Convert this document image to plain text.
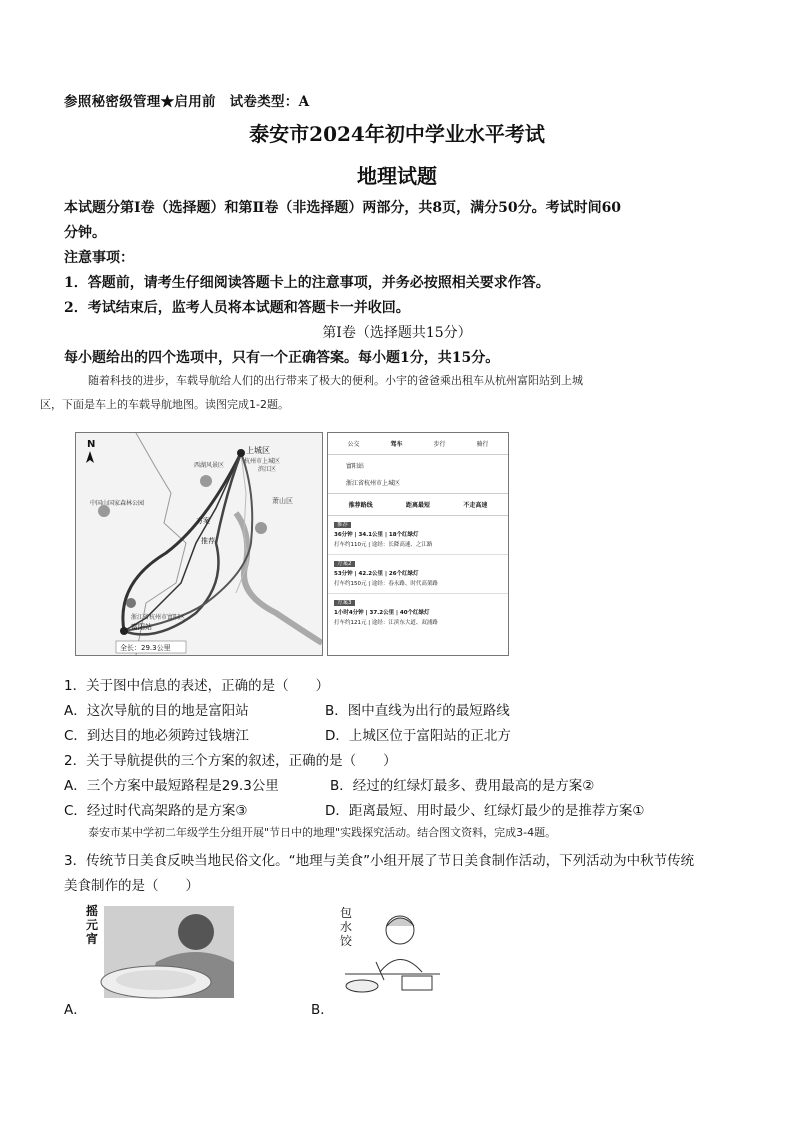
参照秘密级管理★启用前　试卷类型：A
泰安市2024年初中学业水平考试
地理试题
本试题分第Ⅰ卷（选择题）和第Ⅱ卷（非选择题）两部分，共8页，满分50分。考试时间60
分钟。
注意事项：
1．答题前，请考生仔细阅读答题卡上的注意事项，并务必按照相关要求作答。
2．考试结束后，监考人员将本试题和答题卡一并收回。
第Ⅰ卷（选择题共15分）
每小题给出的四个选项中，只有一个正确答案。每小题1分，共15分。
随着科技的进步，车载导航给人们的出行带来了极大的便利。小宇的爸爸乘出租车从杭州富阳站到上城
区，下面是车上的车载导航地图。读图完成1-2题。
N
上城区
西湖风景区
杭州市上城区
滨江区
萧山区
中国山国家森林公园
方案
推荐
富阳站
浙江省杭州市富阳区
全长：29.3公里
公交	驾车	步行	骑行
富阳站
浙江省杭州市上城区
推荐路线	距离最短	不走高速
推荐
36分钟 | 34.1公里 | 18个红绿灯
打车约110元 | 途经：长降高速、之江路
方案2
53分钟 | 42.2公里 | 26个红绿灯
打车约150元 | 途经：春永路、时代高架路
方案3
1小时4分钟 | 37.2公里 | 40个红绿灯
打车约121元 | 途经：江滨东大道、双浦路
1．关于图中信息的表述，正确的是（　　）
A．这次导航的目的地是富阳站	B．图中直线为出行的最短路线
C．到达目的地必须跨过钱塘江	D．上城区位于富阳站的正北方
2．关于导航提供的三个方案的叙述，正确的是（　　）
A．三个方案中最短路程是29.3公里	B．经过的红绿灯最多、费用最高的是方案②
C．经过时代高架路的是方案③	D．距离最短、用时最少、红绿灯最少的是推荐方案①
泰安市某中学初二年级学生分组开展"节日中的地理"实践探究活动。结合图文资料，完成3-4题。
3．传统节日美食反映当地民俗文化。“地理与美食”小组开展了节日美食制作活动，下列活动为中秋节传统
美食制作的是（　　）
摇元宵
A．
包水饺
B．
